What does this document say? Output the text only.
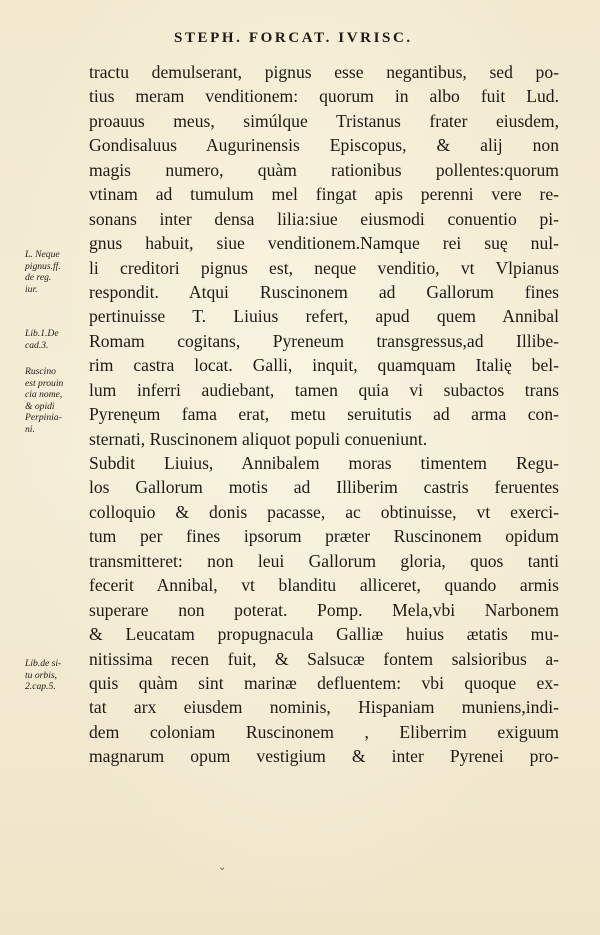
STEPH. FORCAT. IVRISC.
tractu demulserant, pignus esse negantibus, sed po-
tius meram venditionem: quorum in albo fuit Lud.
proauus meus, simúlque Tristanus frater eiusdem,
Gondisaluus Augurinensis Episcopus, & alij non
magis numero, quàm rationibus pollentes:quorum
vtinam ad tumulum mel fingat apis perenni vere re-
sonans inter densa lilia:siue eiusmodi conuentio pi-
gnus habuit, siue venditionem.Namque rei suę nul-
li creditori pignus est, neque venditio, vt Vlpianus
respondit. Atqui Ruscinonem ad Gallorum fines
pertinuisse T. Liuius refert, apud quem Annibal
Romam cogitans, Pyreneum transgressus,ad Illibe-
rim castra locat. Galli, inquit, quamquam Italię bel-
lum inferri audiebant, tamen quia vi subactos trans
Pyrenęum fama erat, metu seruitutis ad arma con-
sternati, Ruscinonem aliquot populi conueniunt.
Subdit Liuius, Annibalem moras timentem Regu-
los Gallorum motis ad Illiberim castris feruentes
colloquio & donis pacasse, ac obtinuisse, vt exerci-
tum per fines ipsorum præter Ruscinonem opidum
transmitteret: non leui Gallorum gloria, quos tanti
fecerit Annibal, vt blanditu alliceret, quando armis
superare non poterat. Pomp. Mela,vbi Narbonem
& Leucatam propugnacula Galliæ huius ætatis mu-
nitissima recen fuit, & Salsucæ fontem salsioribus a-
quis quàm sint marinæ defluentem: vbi quoque ex-
tat arx eiusdem nominis, Hispaniam muniens,indi-
dem coloniam Ruscinonem , Eliberrim exiguum
magnarum opum vestigium & inter Pyrenei pro-
L. Neque
pignus.ff.
de reg.
iur.
Lib.1.De
cad.3.
Ruscino
est prouin
cia nome,
& opidi
Perpinia-
ni.
Lib.de si-
tu orbis,
2.cap.5.
⌄
